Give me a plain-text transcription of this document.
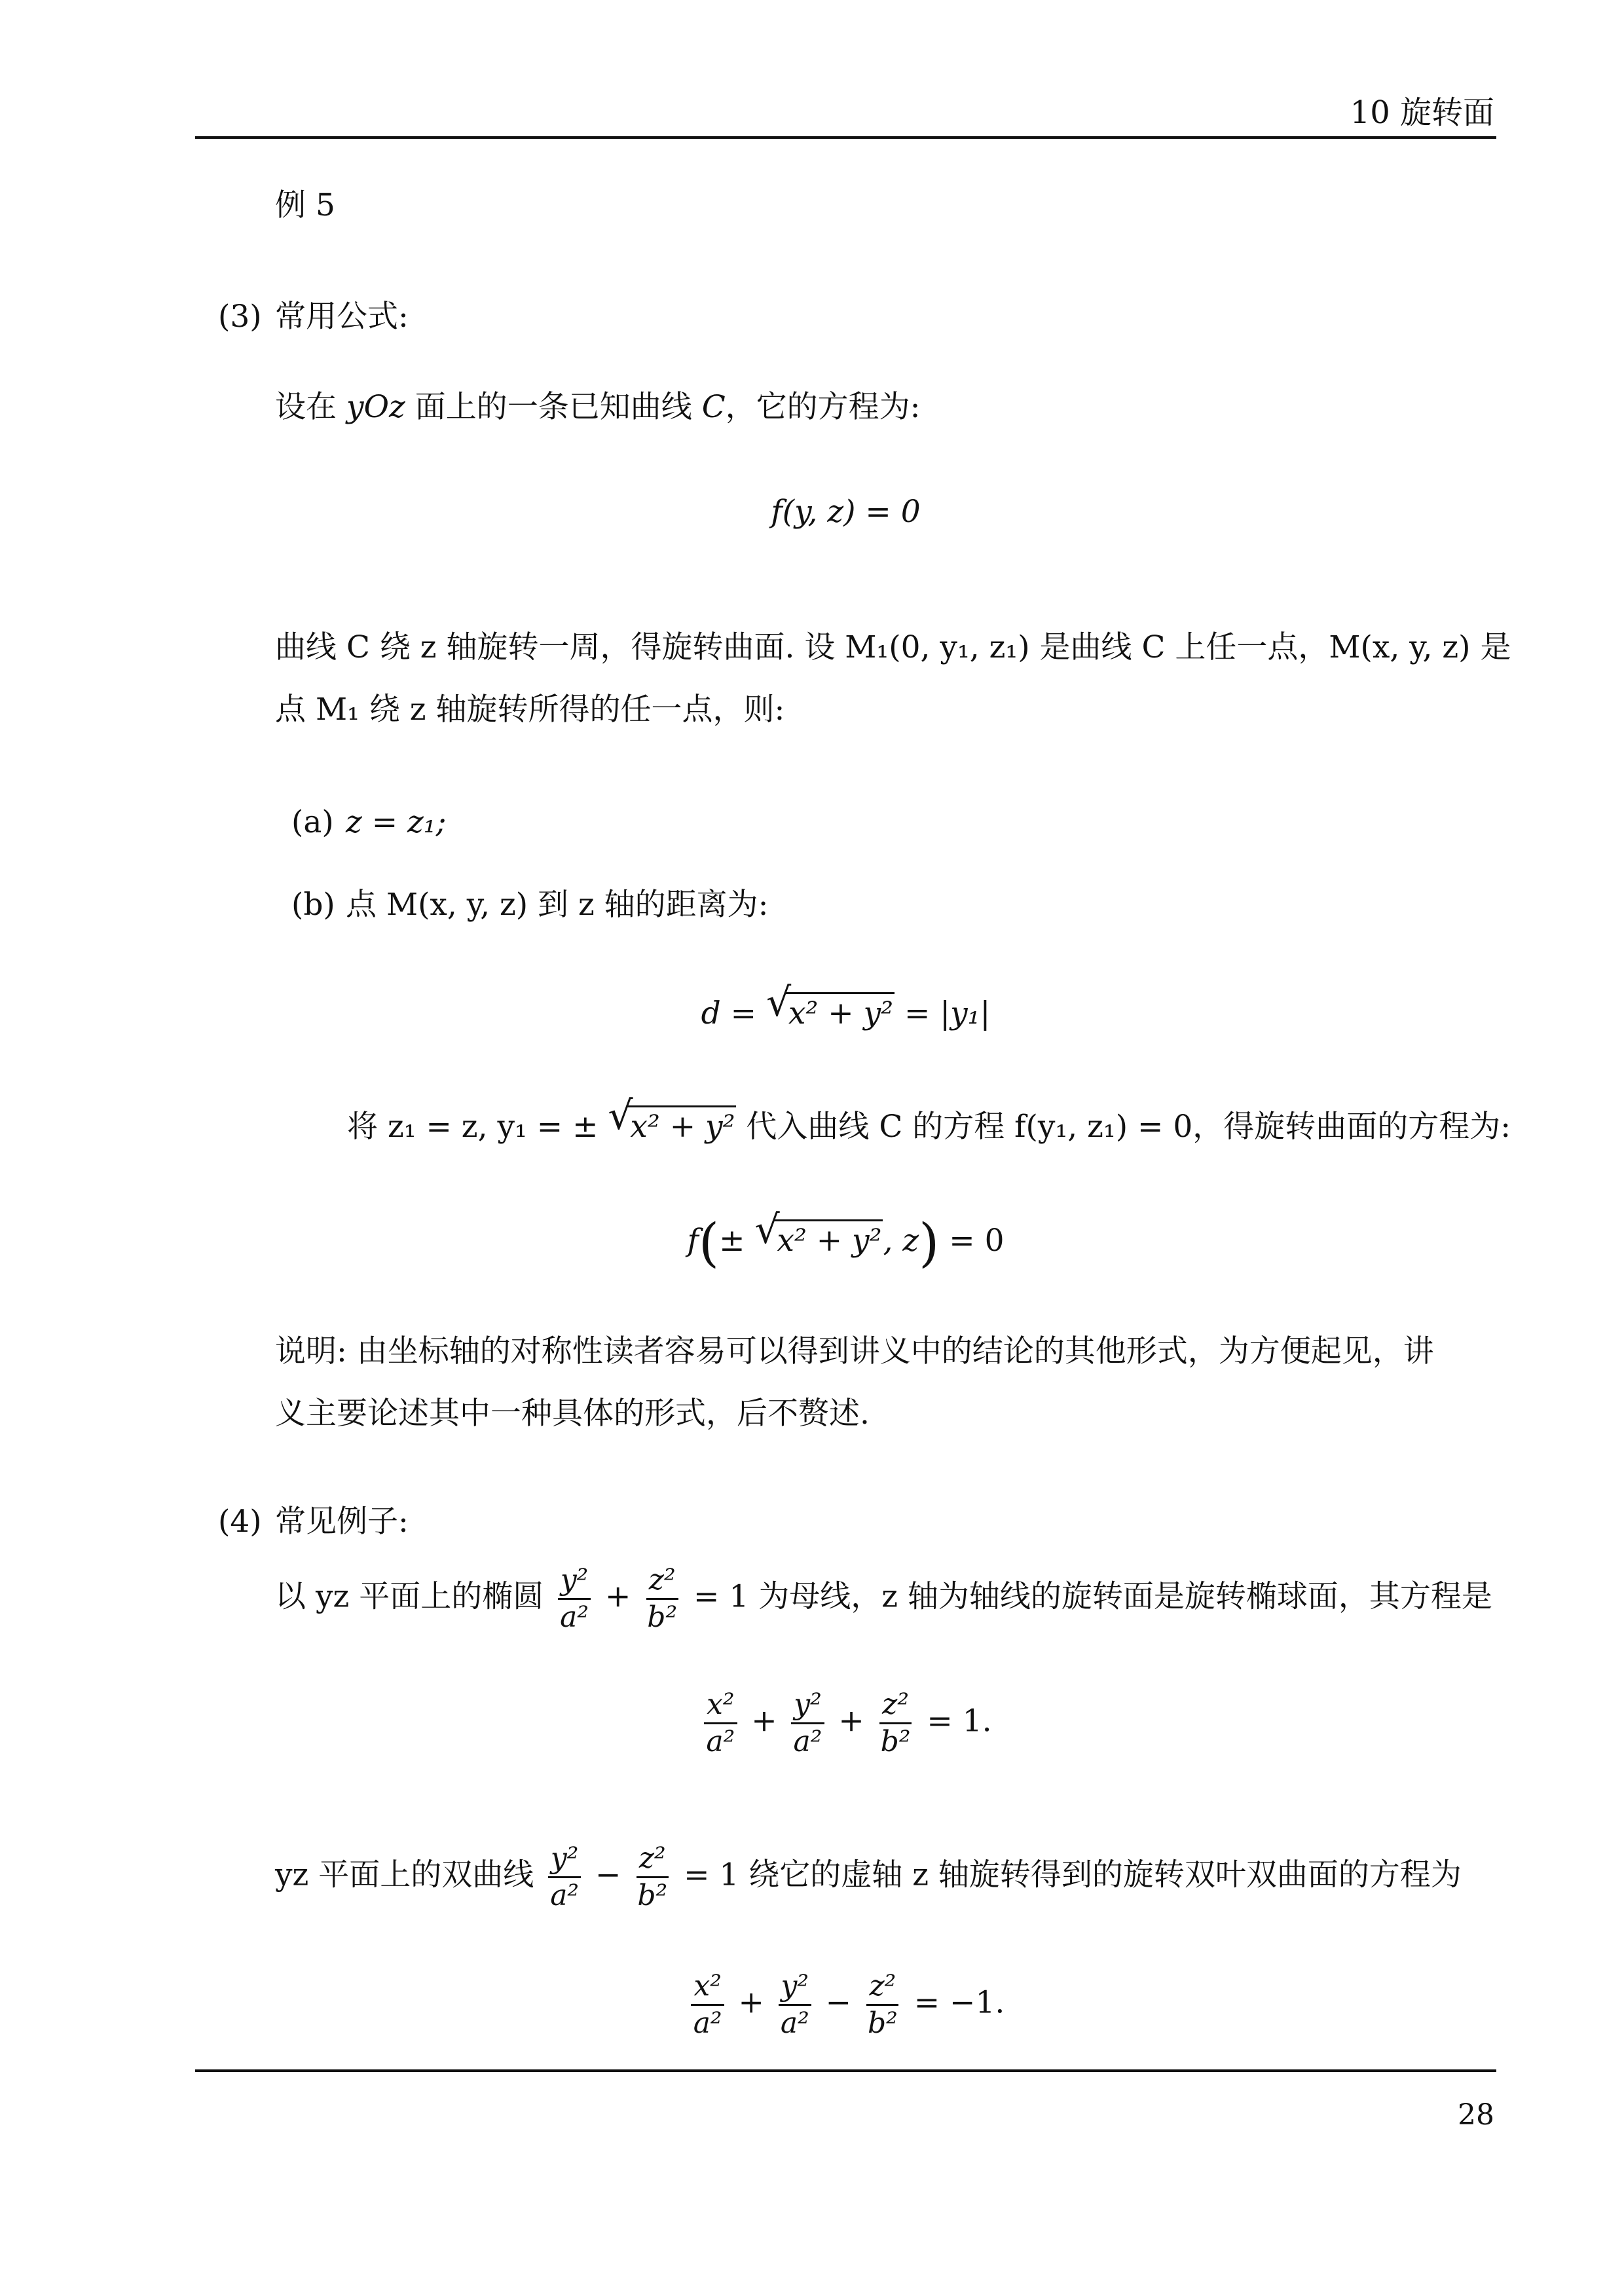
10 旋转面
例 5
(3) 常用公式:
设在 yOz 面上的一条已知曲线 C，它的方程为:
f(y, z) = 0
曲线 C 绕 z 轴旋转一周，得旋转曲面. 设 M₁(0, y₁, z₁) 是曲线 C 上任一点，M(x, y, z) 是
点 M₁ 绕 z 轴旋转所得的任一点，则:
(a) z = z₁;
(b) 点 M(x, y, z) 到 z 轴的距离为:
d = √
x² + y² = |y₁|
将 z₁ = z, y₁ = ± √
x² + y² 代入曲线 C 的方程 f(y₁, z₁) = 0，得旋转曲面的方程为:
f(± √
x² + y², z) = 0
说明: 由坐标轴的对称性读者容易可以得到讲义中的结论的其他形式，为方便起见，讲
义主要论述其中一种具体的形式，后不赘述.
(4) 常见例子:
以 yz 平面上的椭圆 $\frac{\text{y²}}{\text{a²}} + \frac{\text{z²}}{\text{b²}} = 1$ 为母线，z 轴为轴线的旋转面是旋转椭球面，其方程是
$\frac{\text{x²}}{\text{a²}} + \frac{\text{y²}}{\text{a²}} + \frac{\text{z²}}{\text{b²}} = 1$.
yz 平面上的双曲线 $\frac{\text{y²}}{\text{a²}} - \frac{\text{z²}}{\text{b²}} = 1$ 绕它的虚轴 z 轴旋转得到的旋转双叶双曲面的方程为
$\frac{\text{x²}}{\text{a²}} + \frac{\text{y²}}{\text{a²}} - \frac{\text{z²}}{\text{b²}} = -1$.
28
